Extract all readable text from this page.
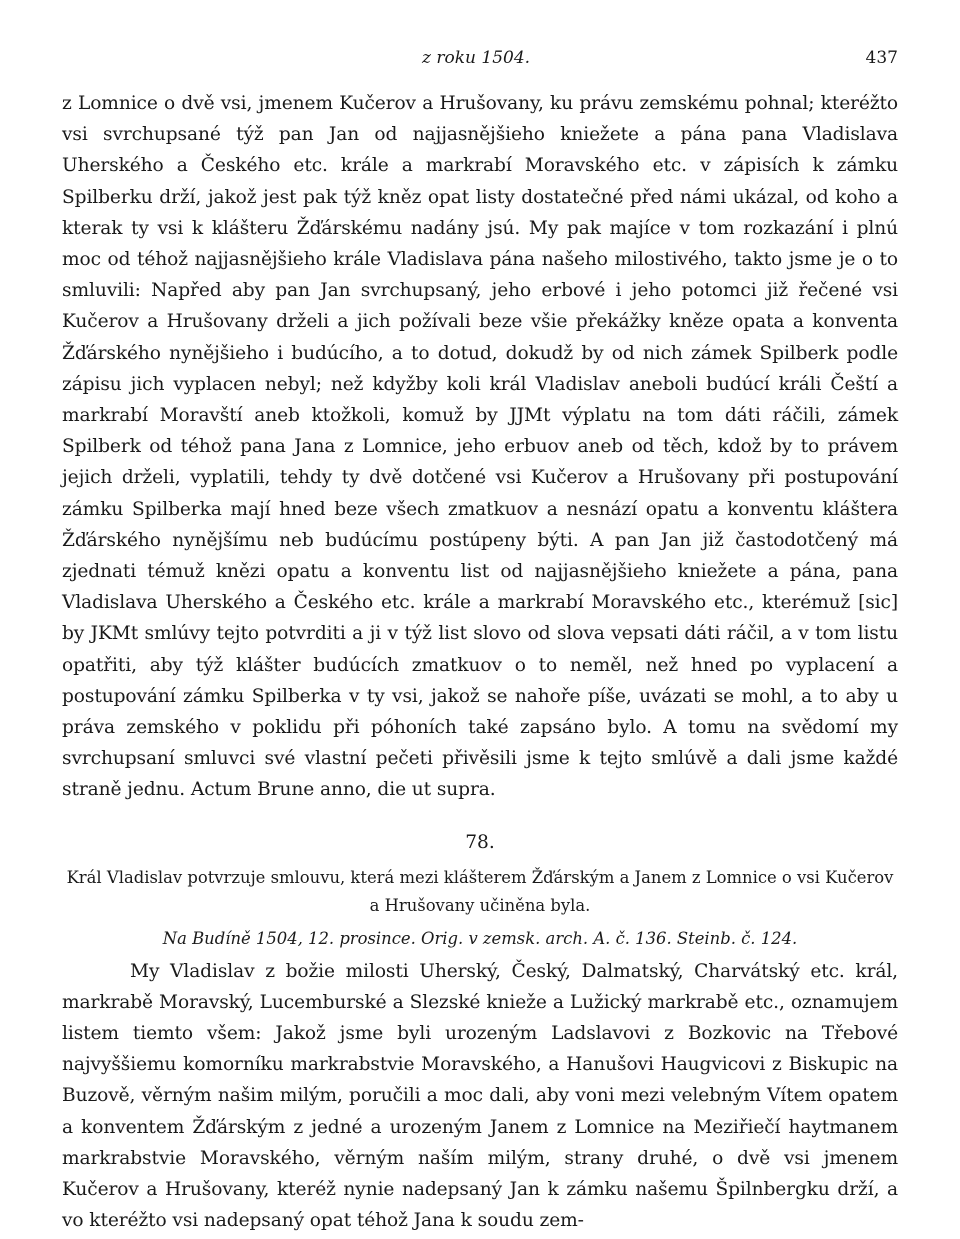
z roku 1504.	437

z Lomnice o dvě vsi, jmenem Kučerov a Hrušovany, ku právu zemskému pohnal; kteréžto vsi svrchupsané týž pan Jan od najjasnějšieho kniežete a pána pana Vladislava Uherského a Českého etc. krále a markrabí Moravského etc. v zápisích k zámku Spilberku drží, jakož jest pak týž kněz opat listy dostatečné před námi ukázal, od koho a kterak ty vsi k klášteru Žďárskému nadány jsú. My pak majíce v tom rozkazání i plnú moc od téhož najjasnějšieho krále Vladislava pána našeho milostivého, takto jsme je o to smluvili: Napřed aby pan Jan svrchupsaný, jeho erbové i jeho potomci již řečené vsi Kučerov a Hrušovany drželi a jich požívali beze všie překážky kněze opata a konventa Žďárského nynějšieho i budúcího, a to dotud, dokudž by od nich zámek Spilberk podle zápisu jich vyplacen nebyl; než kdyžby koli král Vladislav aneboli budúcí králi Čeští a markrabí Moravští aneb ktožkoli, komuž by JJMt výplatu na tom dáti ráčili, zámek Spilberk od téhož pana Jana z Lomnice, jeho erbuov aneb od těch, kdož by to právem jejich drželi, vyplatili, tehdy ty dvě dotčené vsi Kučerov a Hrušovany při postupování zámku Spilberka mají hned beze všech zmatkuov a nesnází opatu a konventu kláštera Žďárského nynějšímu neb budúcímu postúpeny býti. A pan Jan již častodotčený má zjednati témuž knězi opatu a konventu list od najjasnějšieho kniežete a pána, pana Vladislava Uherského a Českého etc. krále a markrabí Moravského etc., kterémuž [sic] by JKMt smlúvy tejto potvrditi a ji v týž list slovo od slova vepsati dáti ráčil, a v tom listu opatřiti, aby týž klášter budúcích zmatkuov o to neměl, než hned po vyplacení a postupování zámku Spilberka v ty vsi, jakož se nahoře píše, uvázati se mohl, a to aby u práva zemského v poklidu při póhoních také zapsáno bylo. A tomu na svědomí my svrchupsaní smluvci své vlastní pečeti přivěsili jsme k tejto smlúvě a dali jsme každé straně jednu. Actum Brune anno, die ut supra.

78.

Král Vladislav potvrzuje smlouvu, která mezi klášterem Žďárským a Janem z Lomnice o vsi Kučerov a Hrušovany učiněna byla.

Na Budíně 1504, 12. prosince. Orig. v zemsk. arch. A. č. 136. Steinb. č. 124.

My Vladislav z božie milosti Uherský, Český, Dalmatský, Charvátský etc. král, markrabě Moravský, Lucemburské a Slezské knieže a Lužický markrabě etc., oznamujem listem tiemto všem: Jakož jsme byli urozeným Ladslavovi z Bozkovic na Třebové najvyššiemu komorníku markrabstvie Moravského, a Hanušovi Haugvicovi z Biskupic na Buzově, věrným našim milým, poručili a moc dali, aby voni mezi velebným Vítem opatem a konventem Žďárským z jedné a urozeným Janem z Lomnice na Meziřiečí haytmanem markrabstvie Moravského, věrným naším milým, strany druhé, o dvě vsi jmenem Kučerov a Hrušovany, kteréž nynie nadepsaný Jan k zámku našemu Špilnbergku drží, a vo kteréžto vsi nadepsaný opat téhož Jana k soudu zem-
